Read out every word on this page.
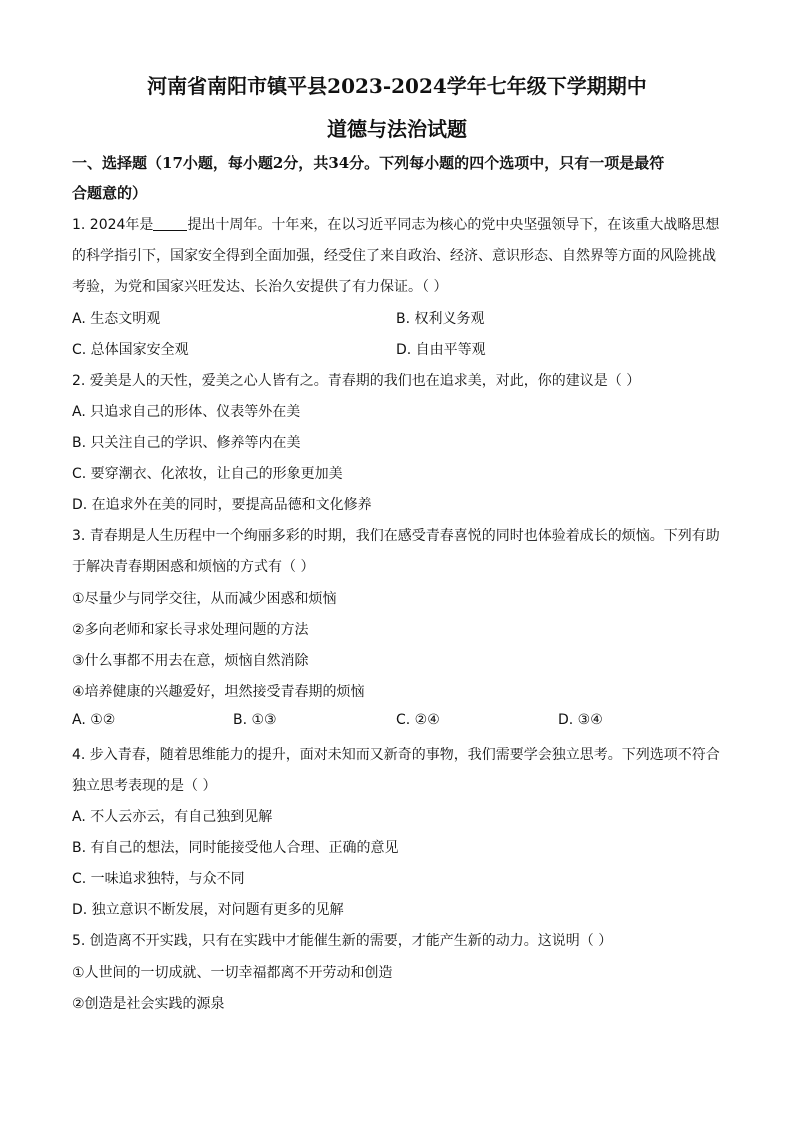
河南省南阳市镇平县2023-2024学年七年级下学期期中
道德与法治试题
一、选择题（17小题，每小题2分，共34分。下列每小题的四个选项中，只有一项是最符
合题意的）
1. 2024年是 提出十周年。十年来，在以习近平同志为核心的党中央坚强领导下，在该重大战略思想
的科学指引下，国家安全得到全面加强，经受住了来自政治、经济、意识形态、自然界等方面的风险挑战
考验，为党和国家兴旺发达、长治久安提供了有力保证。（ ）
A. 生态文明观	B. 权利义务观
C. 总体国家安全观	D. 自由平等观
2. 爱美是人的天性，爱美之心人皆有之。青春期的我们也在追求美，对此，你的建议是（ ）
A. 只追求自己的形体、仪表等外在美
B. 只关注自己的学识、修养等内在美
C. 要穿潮衣、化浓妆，让自己的形象更加美
D. 在追求外在美的同时，要提高品德和文化修养
3. 青春期是人生历程中一个绚丽多彩的时期，我们在感受青春喜悦的同时也体验着成长的烦恼。下列有助
于解决青春期困惑和烦恼的方式有（ ）
①尽量少与同学交往，从而减少困惑和烦恼
②多向老师和家长寻求处理问题的方法
③什么事都不用去在意，烦恼自然消除
④培养健康的兴趣爱好，坦然接受青春期的烦恼
A. ①②	B. ①③	C. ②④	D. ③④
4. 步入青春，随着思维能力的提升，面对未知而又新奇的事物，我们需要学会独立思考。下列选项不符合
独立思考表现的是（ ）
A. 不人云亦云，有自己独到见解
B. 有自己的想法，同时能接受他人合理、正确的意见
C. 一味追求独特，与众不同
D. 独立意识不断发展，对问题有更多的见解
5. 创造离不开实践，只有在实践中才能催生新的需要，才能产生新的动力。这说明（ ）
①人世间的一切成就、一切幸福都离不开劳动和创造
②创造是社会实践的源泉
